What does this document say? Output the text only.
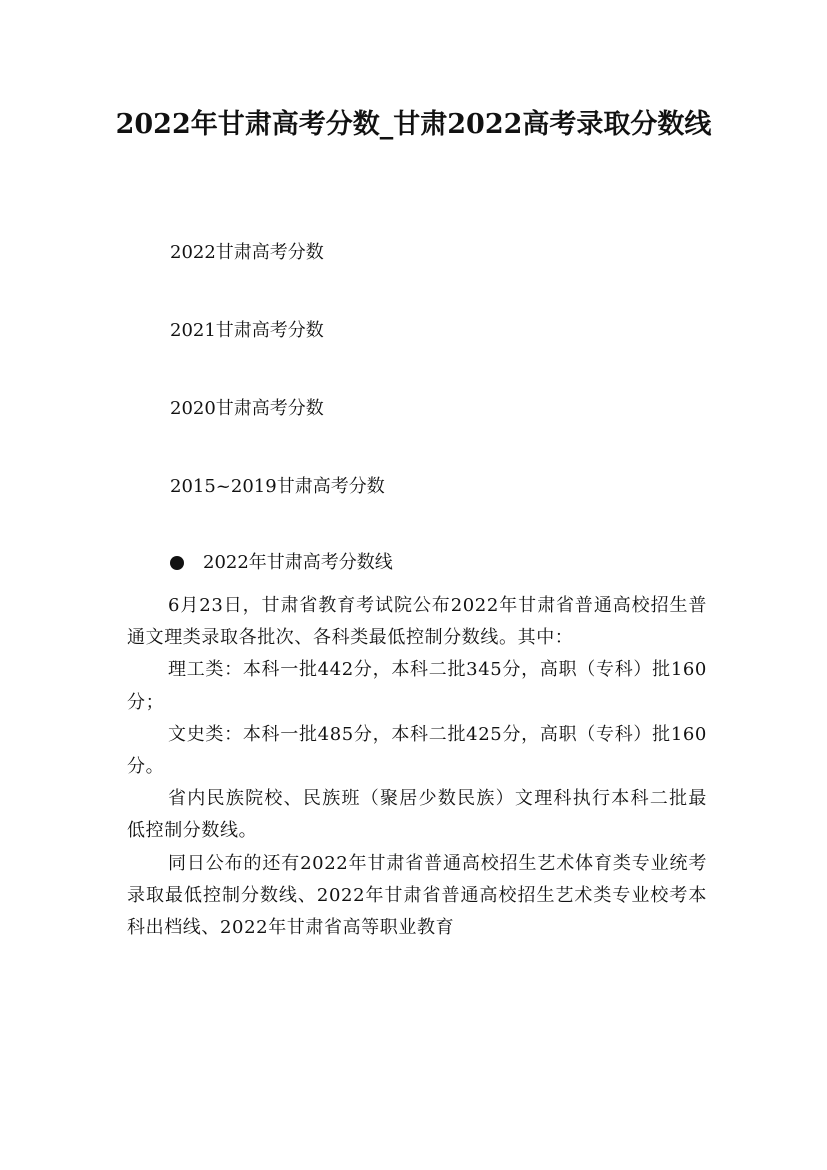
2022年甘肃高考分数_甘肃2022高考录取分数线
2022甘肃高考分数
2021甘肃高考分数
2020甘肃高考分数
2015~2019甘肃高考分数
2022年甘肃高考分数线

6月23日，甘肃省教育考试院公布2022年甘肃省普通高校招生普通文理类录取各批次、各科类最低控制分数线。其中：

理工类：本科一批442分，本科二批345分，高职（专科）批160分；

文史类：本科一批485分，本科二批425分，高职（专科）批160分。

省内民族院校、民族班（聚居少数民族）文理科执行本科二批最低控制分数线。

同日公布的还有2022年甘肃省普通高校招生艺术体育类专业统考录取最低控制分数线、2022年甘肃省普通高校招生艺术类专业校考本科出档线、2022年甘肃省高等职业教育
